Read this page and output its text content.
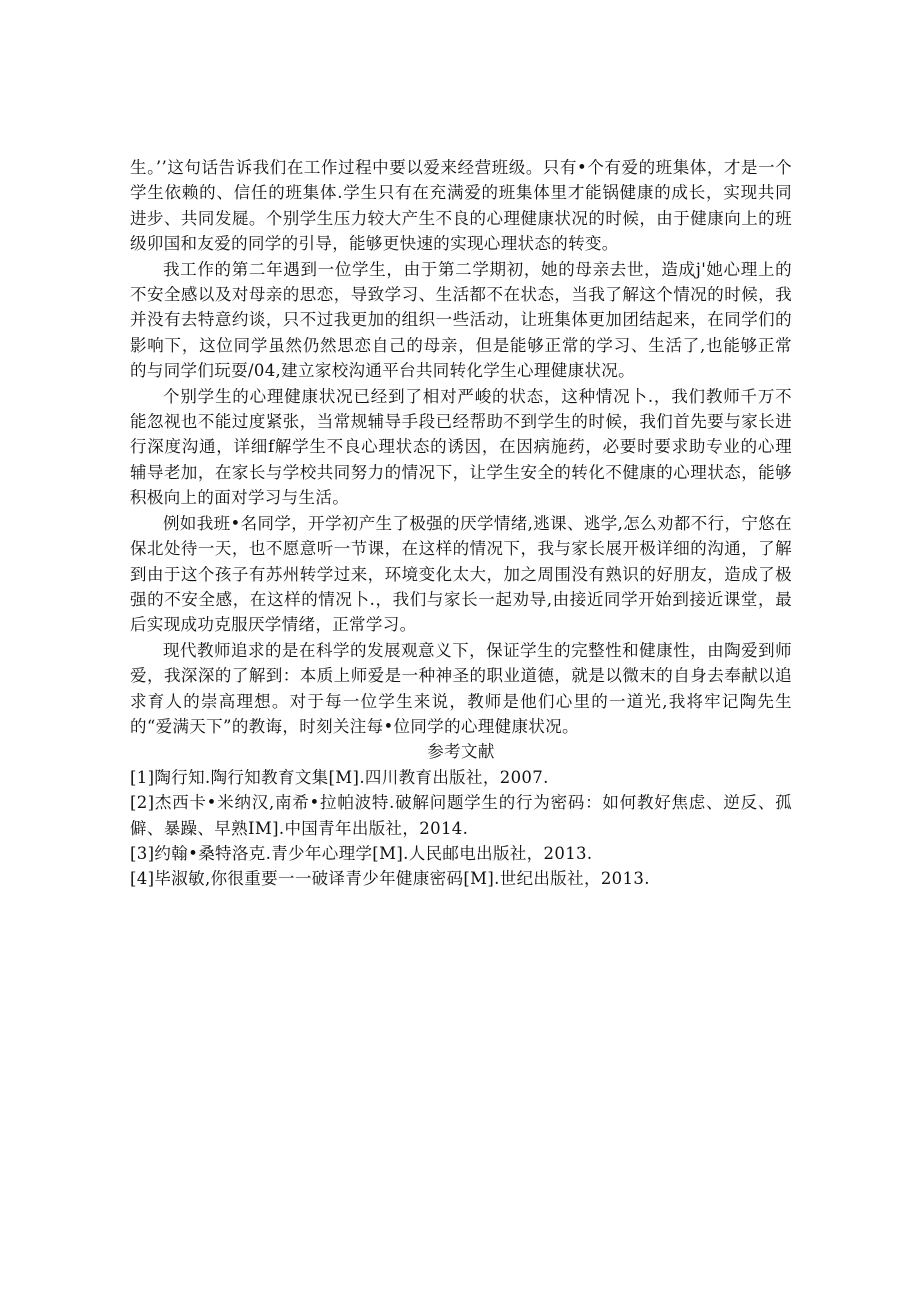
生。’’这句话告诉我们在工作过程中要以爱来经营班级。只有•个有爱的班集体，才是一个学生依赖的、信任的班集体.学生只有在充满爱的班集体里才能锅健康的成长，实现共同进步、共同发屣。个别学生压力较大产生不良的心理健康状况的时候，由于健康向上的班级卯国和友爱的同学的引导，能够更快速的实现心理状态的转变。

我工作的第二年遇到一位学生，由于第二学期初，她的母亲去世，造成j'她心理上的不安全感以及对母亲的思恋，导致学习、生活都不在状态，当我了解这个情况的时候，我并没有去特意约谈，只不过我更加的组织一些活动，让班集体更加团结起来，在同学们的影响下，这位同学虽然仍然思恋自己的母亲，但是能够正常的学习、生活了,也能够正常的与同学们玩耍/04,建立家校沟通平台共同转化学生心理健康状况。

个别学生的心理健康状况已经到了相对严峻的状态，这种情况卜.，我们教师千万不能忽视也不能过度紧张，当常规辅导手段已经帮助不到学生的时候，我们首先要与家长进行深度沟通，详细f解学生不良心理状态的诱因，在因病施药，必要时要求助专业的心理辅导老加，在家长与学校共同努力的情况下，让学生安全的转化不健康的心理状态，能够积极向上的面对学习与生活。

例如我班•名同学，开学初产生了极强的厌学情绪,逃课、逃学,怎么劝都不行，宁悠在保北处待一天，也不愿意听一节课，在这样的情况下，我与家长展开极详细的沟通，了解到由于这个孩子有苏州转学过来，环境变化太大，加之周围没有熟识的好朋友，造成了极强的不安全感，在这样的情况卜.，我们与家长一起劝导,由接近同学开始到接近课堂，最后实现成功克服厌学情绪，正常学习。

现代教师追求的是在科学的发展观意义下，保证学生的完整性和健康性，由陶爱到师爱，我深深的了解到：本质上师爱是一种神圣的职业道德，就是以微末的自身去奉献以追求育人的崇高理想。对于每一位学生来说，教师是他们心里的一道光,我将牢记陶先生的“爱满天下”的教诲，时刻关注每•位同学的心理健康状况。

参考文献

[1]陶行知.陶行知教育文集[M].四川教育出版社，2007.
[2]杰西卡•米纳汉,南希•拉帕波特.破解问题学生的行为密码：如何教好焦虑、逆反、孤僻、暴躁、早熟IM].中国青年出版社，2014.
[3]约翰•桑特洛克.青少年心理学[M].人民邮电出版社，2013.
[4]毕淑敏,你很重要一一破译青少年健康密码[M].世纪出版社，2013.
